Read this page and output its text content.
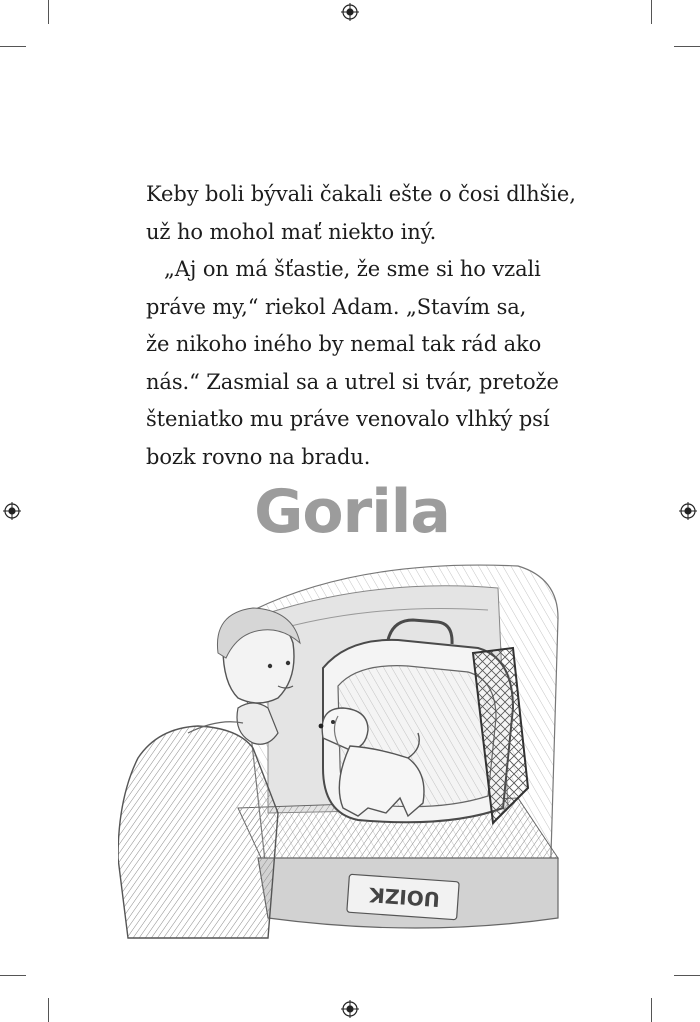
Keby boli bývali čakali ešte o čosi dlhšie,
už ho mohol mať niekto iný.

„Aj on má šťastie, že sme si ho vzali
práve my,“ riekol Adam. „Stavím sa,
že nikoho iného by nemal tak rád ako
nás.“ Zasmial sa a utrel si tvár, pretože
šteniatko mu práve venovalo vlhký psí
bozk rovno na bradu.

Gorila
UOIZK
